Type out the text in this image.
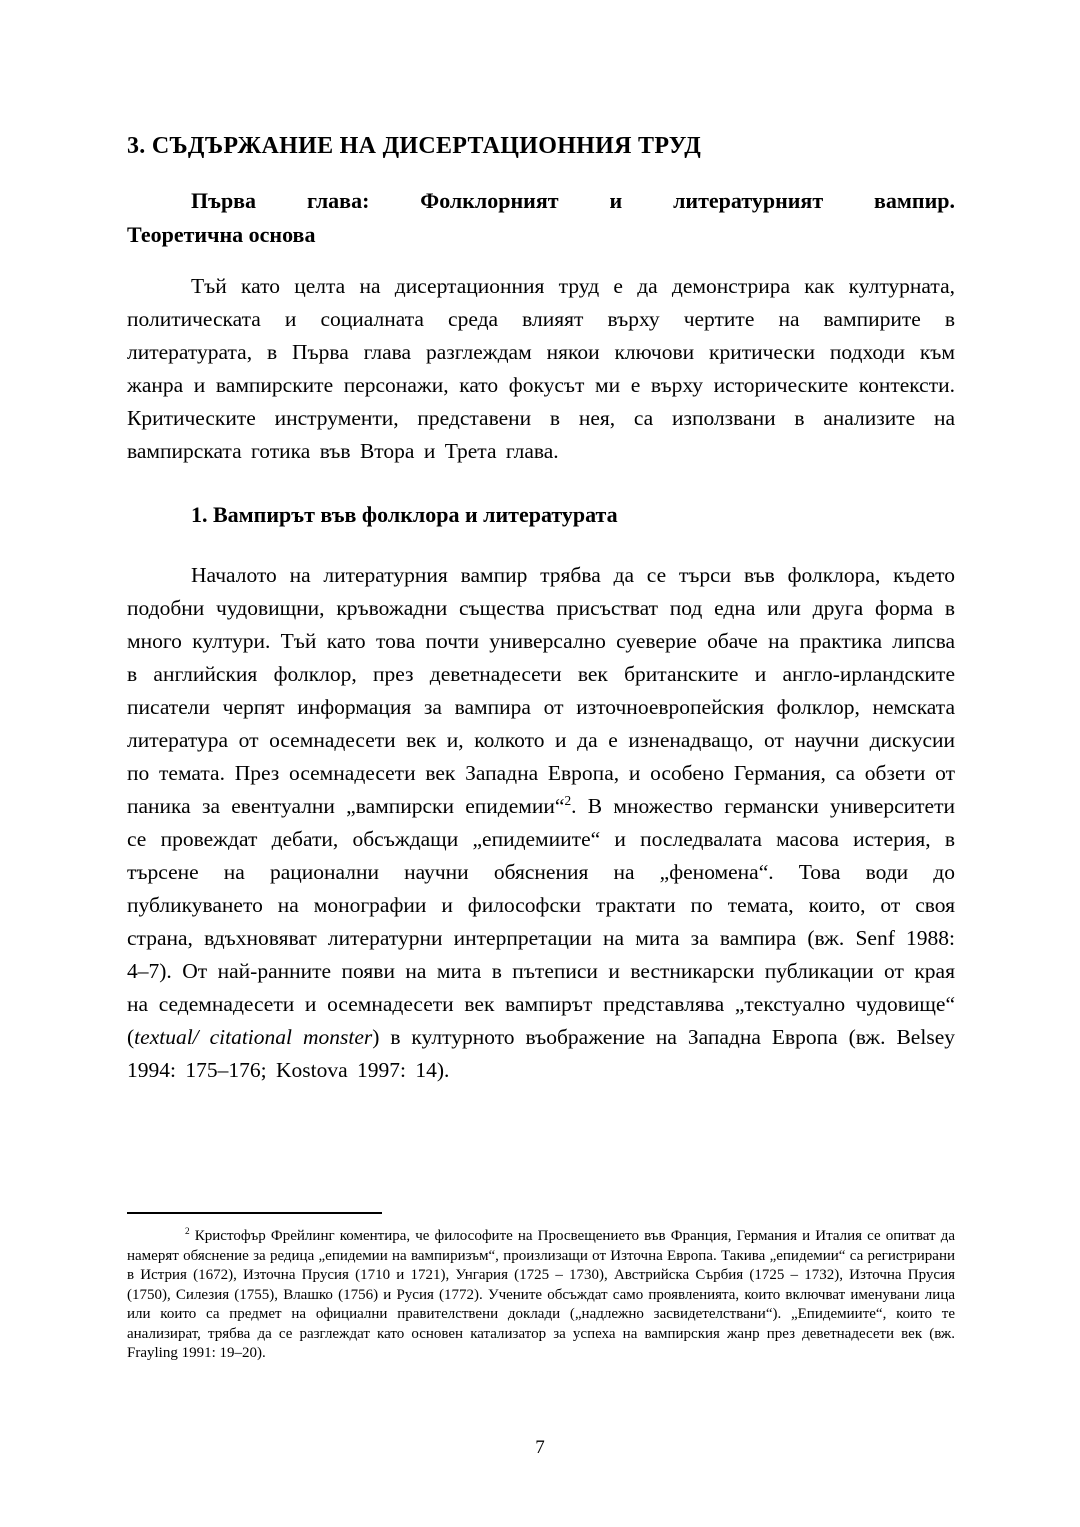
3. СЪДЪРЖАНИЕ НА ДИСЕРТАЦИОННИЯ ТРУД
Първа глава: Фолклорният и литературният вампир.
Теоретична основа

Тъй като целта на дисертационния труд е да демонстрира как културната, политическата и социалната среда влияят върху чертите на вампирите в литературата, в Първа глава разглеждам някои ключови критически подходи към жанра и вампирските персонажи, като фокусът ми е върху историческите контексти. Критическите инструменти, представени в нея, са използвани в анализите на вампирската готика във Втора и Трета глава.

1. Вампирът във фолклора и литературата

Началото на литературния вампир трябва да се търси във фолклора, където подобни чудовищни, кръвожадни същества присъстват под една или друга форма в много култури. Тъй като това почти универсално суеверие обаче на практика липсва в английския фолклор, през деветнадесети век британските и англо-ирландските писатели черпят информация за вампира от източноевропейския фолклор, немската литература от осемнадесети век и, колкото и да е изненадващо, от научни дискусии по темата. През осемнадесети век Западна Европа, и особено Германия, са обзети от паника за евентуални „вампирски епидемии“$^2$. В множество германски университети се провеждат дебати, обсъждащи „епидемиите“ и последвалата масова истерия, в търсене на рационални научни обяснения на „феномена“. Това води до публикуването на монографии и философски трактати по темата, които, от своя страна, вдъхновяват литературни интерпретации на мита за вампира (вж. Senf 1988: 4–7). От най-ранните появи на мита в пътеписи и вестникарски публикации от края на седемнадесети и осемнадесети век вампирът представлява „текстуално чудовище“ (textual/ citational monster) в културното въображение на Западна Европа (вж. Belsey 1994: 175–176; Kostova 1997: 14).

$^2$ Кристофър Фрейлинг коментира, че философите на Просвещението във Франция, Германия и Италия се опитват да намерят обяснение за редица „епидемии на вампиризъм“, произлизащи от Източна Европа. Такива „епидемии“ са регистрирани в Истрия (1672), Източна Прусия (1710 и 1721), Унгария (1725 – 1730), Австрийска Сърбия (1725 – 1732), Източна Прусия (1750), Силезия (1755), Влашко (1756) и Русия (1772). Учените обсъждат само проявленията, които включват именувани лица или които са предмет на официални правителствени доклади („надлежно засвидетелствани“). „Епидемиите“, които те анализират, трябва да се разглеждат като основен катализатор за успеха на вампирския жанр през деветнадесети век (вж. Frayling 1991: 19–20).

7
